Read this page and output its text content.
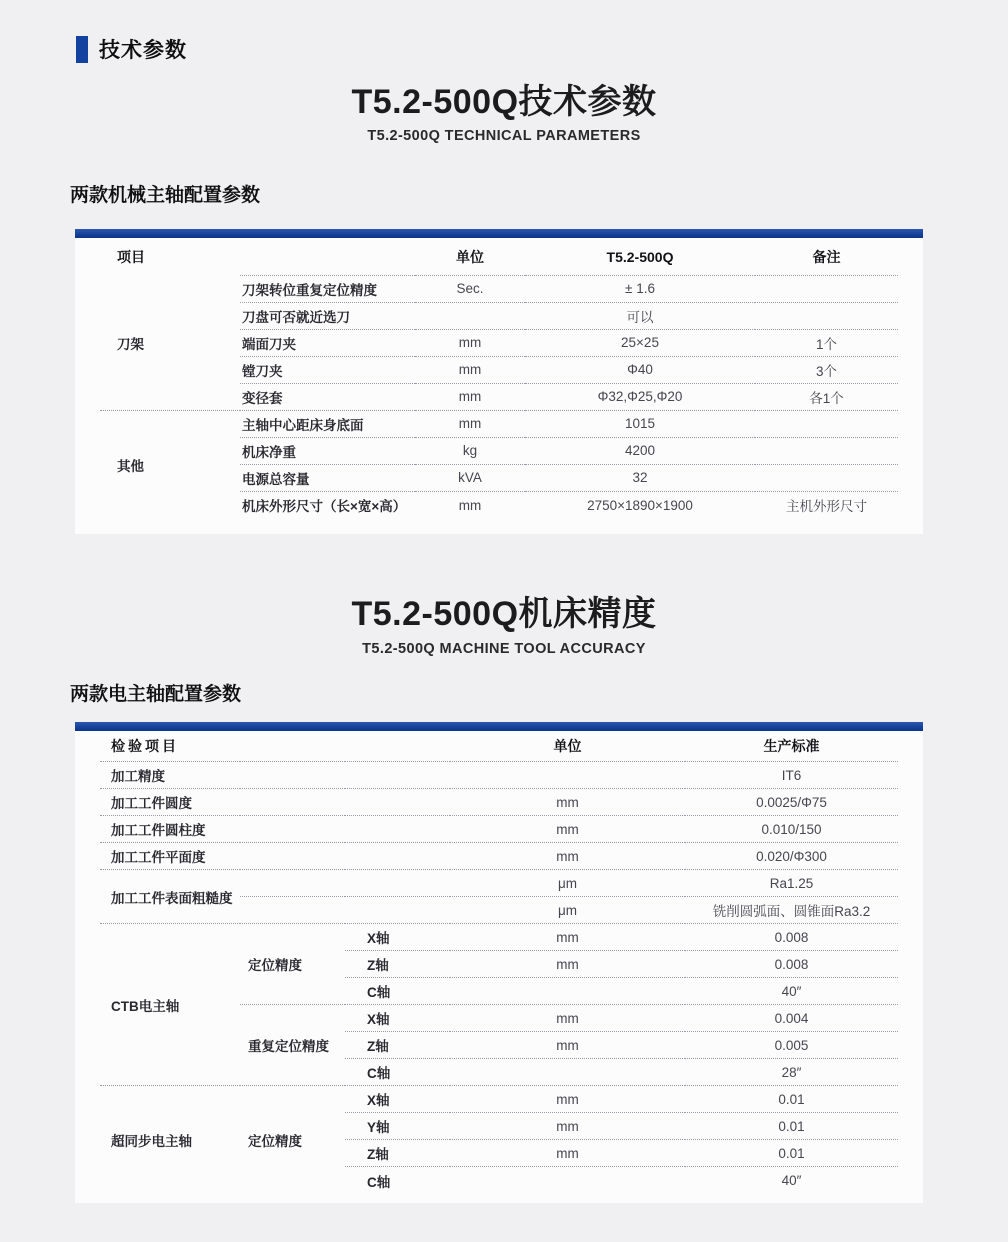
技术参数
T5.2-500Q技术参数
T5.2-500Q TECHNICAL PARAMETERS
两款机械主轴配置参数
项目		单位	T5.2-500Q	备注
刀架	刀架转位重复定位精度	Sec.	± 1.6	
	刀盘可否就近选刀		可以	
	端面刀夹	mm	25×25	1个
	镗刀夹	mm	Φ40	3个
	变径套	mm	Φ32,Φ25,Φ20	各1个
其他	主轴中心距床身底面	mm	1015	
	机床净重	kg	4200	
	电源总容量	kVA	32	
	机床外形尺寸（长×宽×高）	mm	2750×1890×1900	主机外形尺寸
T5.2-500Q机床精度
T5.2-500Q MACHINE TOOL ACCURACY
两款电主轴配置参数
检验项目			单位	生产标准
加工精度				IT6
加工工件圆度			mm	0.0025/Φ75
加工工件圆柱度			mm	0.010/150
加工工件平面度			mm	0.020/Φ300
加工工件表面粗糙度			μm	Ra1.25
			μm	铣削圆弧面、圆锥面Ra3.2
CTB电主轴	定位精度	X轴	mm	0.008
		Z轴	mm	0.008
		C轴		40″
	重复定位精度	X轴	mm	0.004
		Z轴	mm	0.005
		C轴		28″
超同步电主轴	定位精度	X轴	mm	0.01
		Y轴	mm	0.01
		Z轴	mm	0.01
		C轴		40″
